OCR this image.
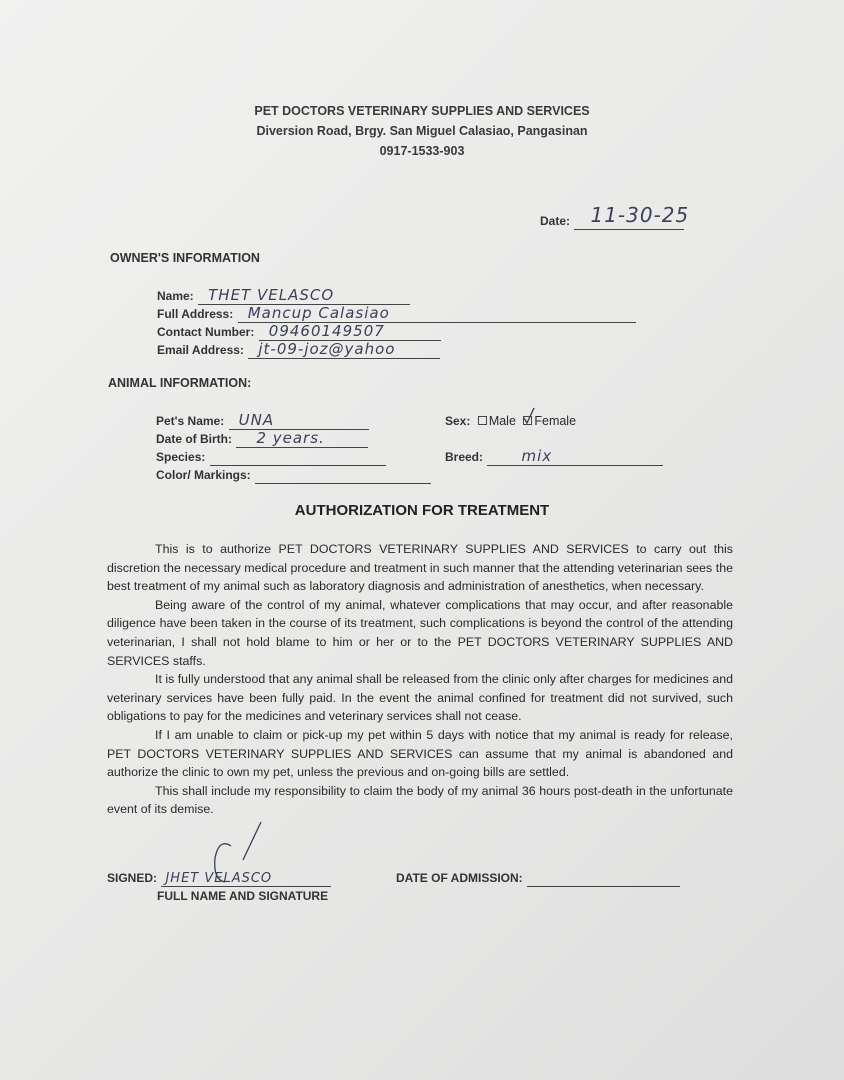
PET DOCTORS VETERINARY SUPPLIES AND SERVICES
Diversion Road, Brgy. San Miguel Calasiao, Pangasinan
0917-1533-903
Date: 11-30-25
OWNER'S INFORMATION
Name: THET VELASCO
Full Address: Mancup Calasiao
Contact Number: 09460149507
Email Address: jt-09-joz@yahoo
ANIMAL INFORMATION:
Pet's Name: UNA
Date of Birth: 2 years.
Species:
Color/ Markings:
Sex: Male Female
Breed:	mix
AUTHORIZATION FOR TREATMENT

This is to authorize PET DOCTORS VETERINARY SUPPLIES AND SERVICES to carry out this discretion the necessary medical procedure and treatment in such manner that the attending veterinarian sees the best treatment of my animal such as laboratory diagnosis and administration of anesthetics, when necessary.

Being aware of the control of my animal, whatever complications that may occur, and after reasonable diligence have been taken in the course of its treatment, such complications is beyond the control of the attending veterinarian, I shall not hold blame to him or her or to the PET DOCTORS VETERINARY SUPPLIES AND SERVICES staffs.

It is fully understood that any animal shall be released from the clinic only after charges for medicines and veterinary services have been fully paid. In the event the animal confined for treatment did not survived, such obligations to pay for the medicines and veterinary services shall not cease.

If I am unable to claim or pick-up my pet within 5 days with notice that my animal is ready for release, PET DOCTORS VETERINARY SUPPLIES AND SERVICES can assume that my animal is abandoned and authorize the clinic to own my pet, unless the previous and on-going bills are settled.

This shall include my responsibility to claim the body of my animal 36 hours post-death in the unfortunate event of its demise.

SIGNED: JHET VELASCO
FULL NAME AND SIGNATURE
DATE OF ADMISSION:
